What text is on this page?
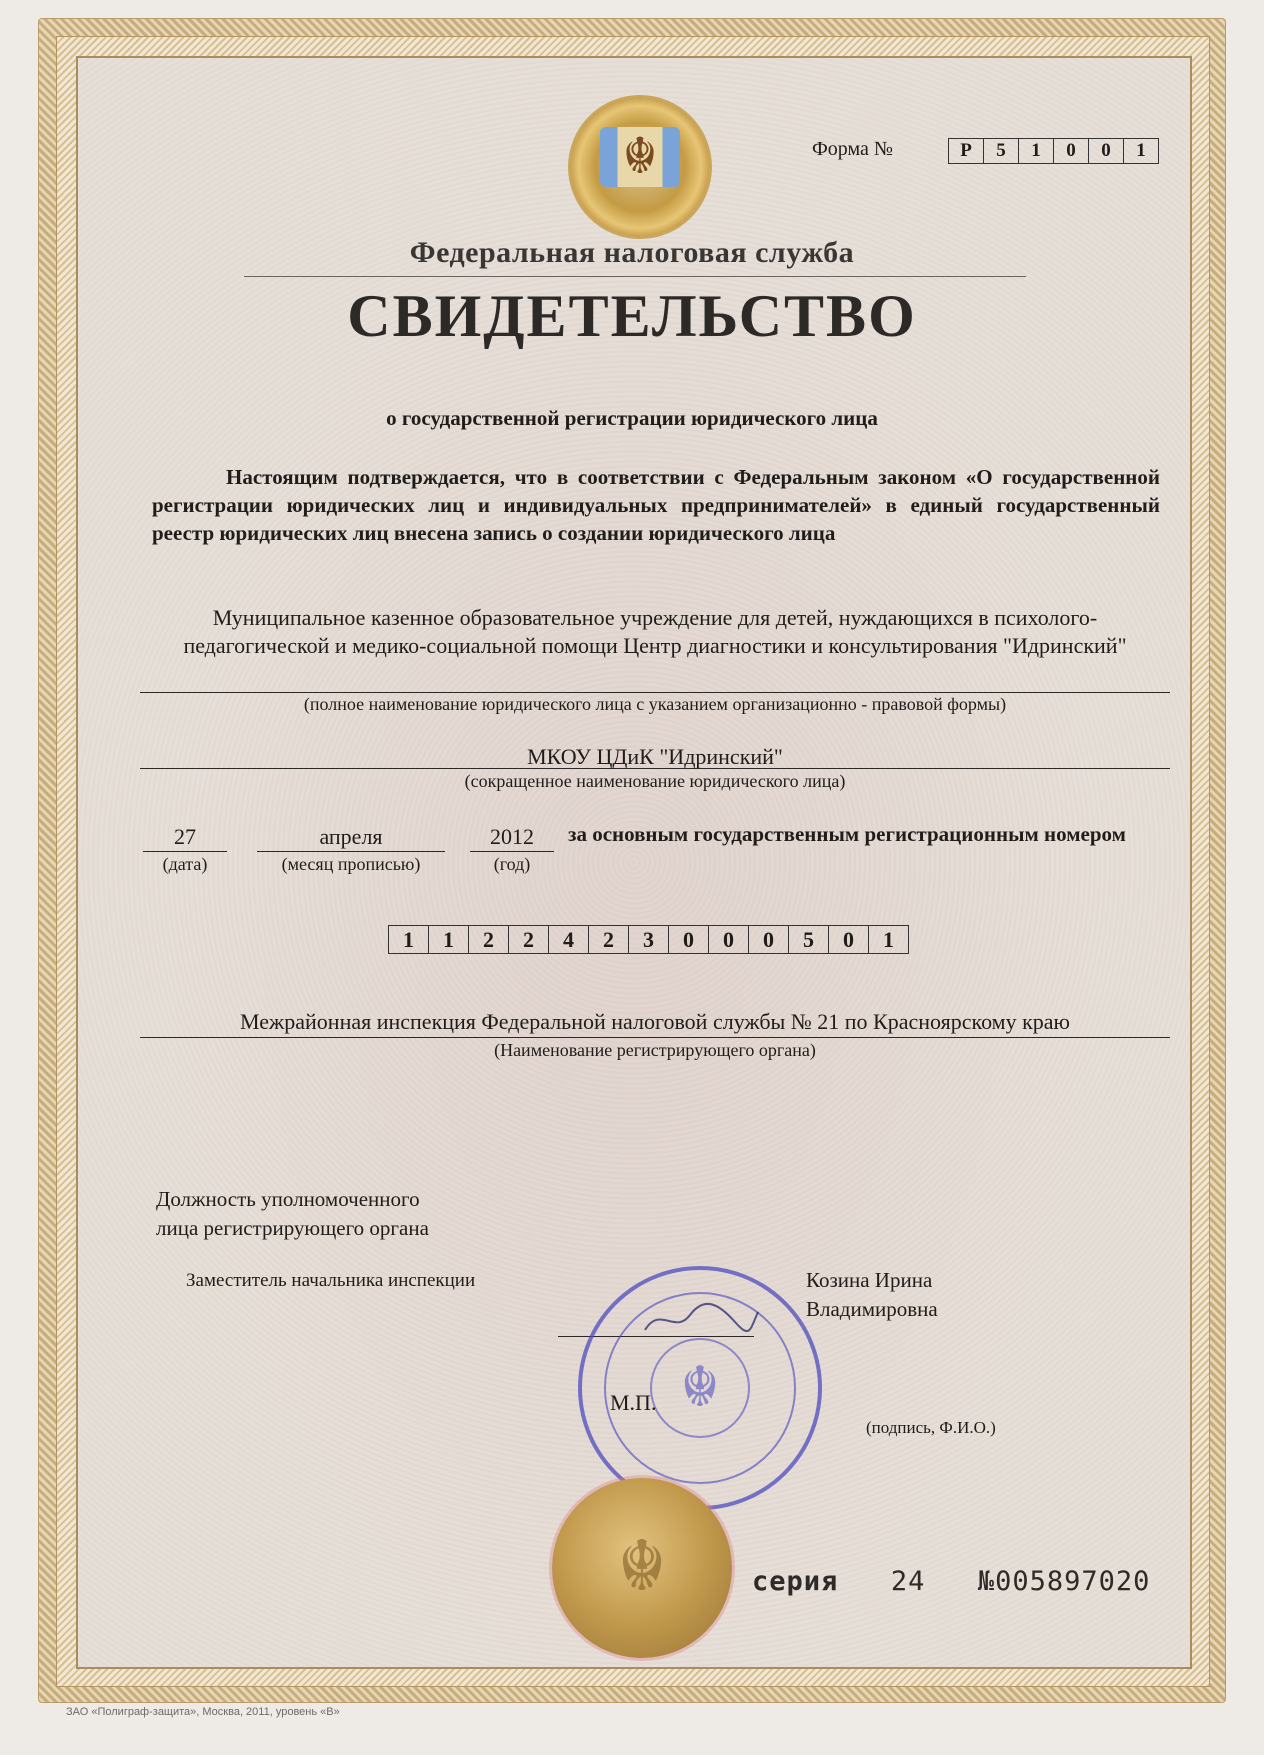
☬	Форма №	Р	5	1	0	0	1
Федеральная налоговая служба
СВИДЕТЕЛЬСТВО
о государственной регистрации юридического лица
Настоящим подтверждается, что в соответствии с Федеральным законом «О государственной регистрации юридических лиц и индивидуальных предпринимателей» в единый государственный реестр юридических лиц внесена запись о создании юридического лица
Муниципальное казенное образовательное учреждение для детей, нуждающихся в психолого-педагогической и медико-социальной помощи Центр диагностики и консультирования "Идринский"
(полное наименование юридического лица с указанием организационно - правовой формы)
МКОУ ЦДиК "Идринский"
(сокращенное наименование юридического лица)
27
(дата)
апреля
(месяц прописью)
2012
(год)
за основным государственным регистрационным номером
1	1	2	2	4	2	3	0	0	0	5	0	1
Межрайонная инспекция Федеральной налоговой службы № 21 по Красноярскому краю
(Наименование регистрирующего органа)
Должность уполномоченного
лица регистрирующего органа
Заместитель начальника инспекции	Козина Ирина
Владимировна
☬
М.П.
(подпись, Ф.И.О.)
☬	серия 24 №005897020
ЗАО «Полиграф-защита», Москва, 2011, уровень «В»
